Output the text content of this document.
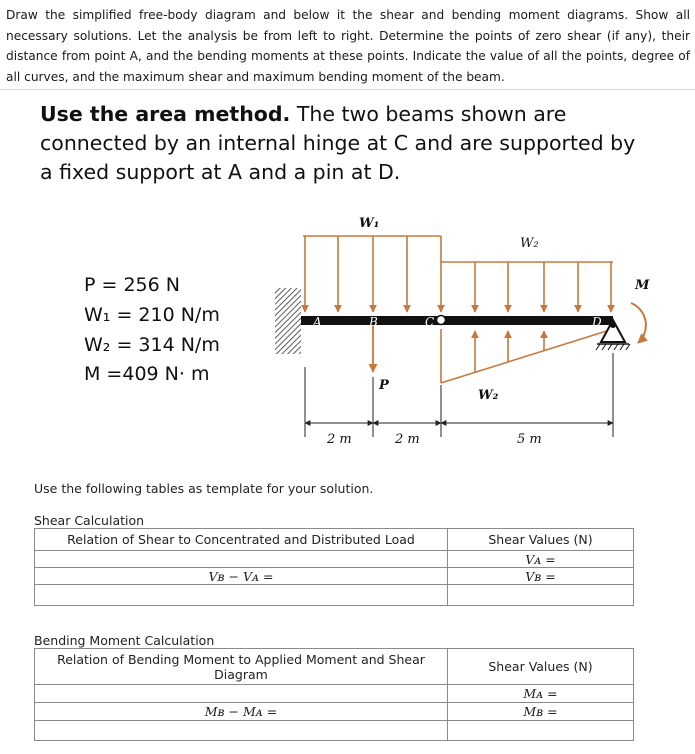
Draw the simplified free-body diagram and below it the shear and bending moment diagrams. Show all necessary solutions. Let the analysis be from left to right. Determine the points of zero shear (if any), their distance from point A, and the bending moments at these points. Indicate the value of all the points, degree of all curves, and the maximum shear and maximum bending moment of the beam.
Use the area method. The two beams shown are connected by an internal hinge at C and are supported by a fixed support at A and a pin at D.
P = 256 N
W₁ = 210 N/m
W₂ = 314 N/m
M =409 N· m
W₁
W₂
W₂
P
M
A	B	C	D
2 m	2 m	5 m
Use the following tables as template for your solution.
Shear Calculation
Relation of Shear to Concentrated and Distributed Load	Shear Values (N)
	Vᴀ =
Vʙ − Vᴀ =	Vʙ =

Bending Moment Calculation
Relation of Bending Moment to Applied Moment and Shear Diagram	Shear Values (N)
	Mᴀ =
Mʙ − Mᴀ =	Mʙ =
